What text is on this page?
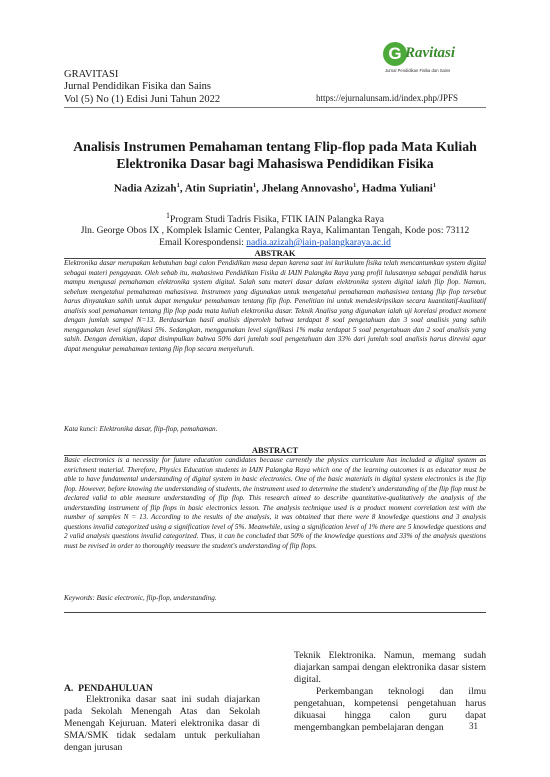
GRAVITASI
Jurnal Pendidikan Fisika dan Sains
Vol (5) No (1) Edisi Juni Tahun 2022
G Ravitasi
Jurnal Pendidikan Fisika dan Sains
https://ejurnalunsam.id/index.php/JPFS
Analisis Instrumen Pemahaman tentang Flip-flop pada Mata Kuliah
Elektronika Dasar bagi Mahasiswa Pendidikan Fisika
Nadia Azizah$^1$, Atin Supriatin$^1$, Jhelang Annovasho$^1$, Hadma Yuliani$^1$
$^1$Program Studi Tadris Fisika, FTIK IAIN Palangka Raya
Jln. George Obos IX , Komplek Islamic Center, Palangka Raya, Kalimantan Tengah, Kode pos: 73112
Email Korespondensi: nadia.azizah@iain-palangkaraya.ac.id
ABSTRAK
Elektronika dasar merupakan kebutuhan bagi calon Pendidikan masa depan karena saat ini kurikulum fisika telah mencantumkan system digital sebagai materi pengayaan. Oleh sebab itu, mahasiswa Pendidikan Fisika di IAIN Palangka Raya yang profil lulusannya sebagai pendidik harus mampu mengusai pemahaman elektronika system digital. Salah satu materi dasar dalam elektronika system digital ialah flip flop. Namun, sebelum mengetahui pemahaman mahasiswa. Instrumen yang digunakan untuk mengetahui pemahaman mahasiswa tentang flip flop tersebut harus dinyatakan sahih untuk dapat mengukur pemahaman tentang flip flop. Penelitian ini untuk mendeskripsikan secara kuantitatif-kualitatif analisis soal pemahaman tentang flip flop pada mata kuliah elektronika dasar. Teknik Analisa yang digunakan ialah uji korelasi product moment dengan jumlah sampel N=13. Berdasarkan hasil analisis diperoleh bahwa terdapat 8 soal pengetahuan dan 3 soal analisis yang sahih menggunakan level signifikasi 5%. Sedangkan, menggunakan level signifikasi 1% maka terdapat 5 soal pengetahuan dan 2 soal analisis yang sahih. Dengan demikian, dapat disimpulkan bahwa 50% dari jumlah soal pengetahuan dan 33% dari jumlah soal analisis harus direvisi agar dapat mengukur pemahaman tentang flip flop secara menyeluruh.
Kata kunci: Elektronika dasar, flip-flop, pemahaman.
ABSTRACT
Basic electronics is a necessity for future education candidates because currently the physics curriculum has included a digital system as enrichment material. Therefore, Physics Education students in IAIN Palangka Raya which one of the learning outcomes is as educator must be able to have fundamental understanding of digital system in basic electronics. One of the basic materials in digital system electronics is the flip flop. However, before knowing the understanding of students, the instrument used to determine the student's understanding of the flip flop must be declared valid to able measure understanding of flip flop. This research aimed to describe quantitative-qualitatively the analysis of the understanding instrument of flip flops in basic electronics lesson. The analysis technique used is a product moment correlation test with the number of samples N = 13. According to the results of the analysis, it was obtained that there were 8 knowledge questions and 3 analysis questions invalid categorized using a signification level of 5%. Meanwhile, using a signification level of 1% there are 5 knowledge questions and 2 valid analysis questions invalid categorized. Thus, it can be concluded that 50% of the knowledge questions and 33% of the analysis questions must be revised in order to thoroughly measure the student's understanding of flip flops.
Keywords: Basic electronic, flip-flop, understanding.
A.  PENDAHULUAN
Elektronika dasar saat ini sudah diajarkan pada Sekolah Menengah Atas dan Sekolah Menengah Kejuruan. Materi elektronika dasar di SMA/SMK tidak sedalam untuk perkuliahan dengan jurusan
Teknik Elektronika. Namun, memang sudah diajarkan sampai dengan elektronika dasar sistem digital.
Perkembangan teknologi dan ilmu pengetahuan, kompetensi pengetahuan harus dikuasai hingga calon guru dapat mengembangkan pembelajaran dengan	31
